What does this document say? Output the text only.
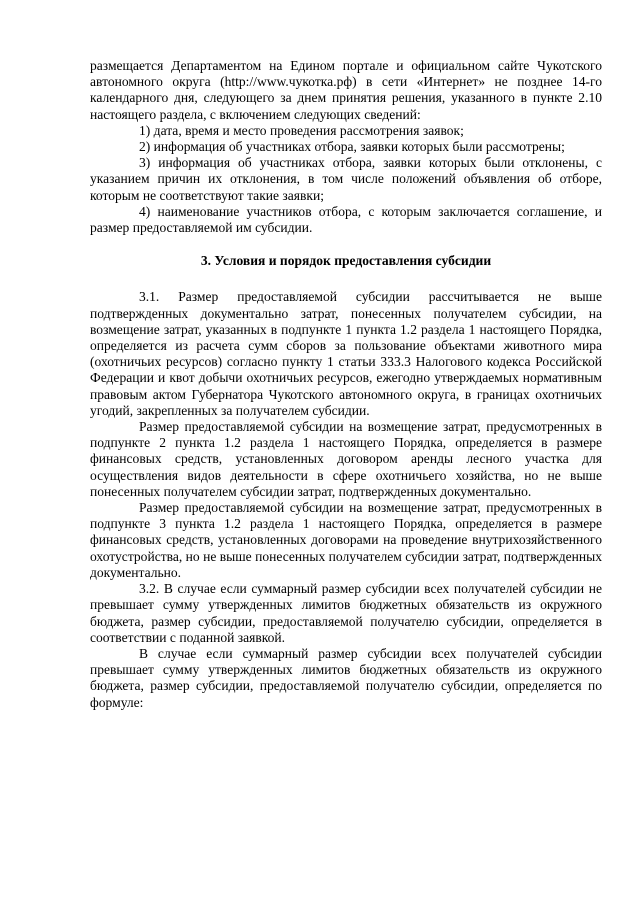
размещается Департаментом на Едином портале и официальном сайте Чукотского автономного округа (http://www.чукотка.рф) в сети «Интернет» не позднее 14-го календарного дня, следующего за днем принятия решения, указанного в пункте 2.10 настоящего раздела, с включением следующих сведений:

1) дата, время и место проведения рассмотрения заявок;

2) информация об участниках отбора, заявки которых были рассмотрены;

3) информация об участниках отбора, заявки которых были отклонены, с указанием причин их отклонения, в том числе положений объявления об отборе, которым не соответствуют такие заявки;

4) наименование участников отбора, с которым заключается соглашение, и размер предоставляемой им субсидии.

3. Условия и порядок предоставления субсидии

3.1. Размер предоставляемой субсидии рассчитывается не выше подтвержденных документально затрат, понесенных получателем субсидии, на возмещение затрат, указанных в подпункте 1 пункта 1.2 раздела 1 настоящего Порядка, определяется из расчета сумм сборов за пользование объектами животного мира (охотничьих ресурсов) согласно пункту 1 статьи 333.3 Налогового кодекса Российской Федерации и квот добычи охотничьих ресурсов, ежегодно утверждаемых нормативным правовым актом Губернатора Чукотского автономного округа, в границах охотничьих угодий, закрепленных за получателем субсидии.

Размер предоставляемой субсидии на возмещение затрат, предусмотренных в подпункте 2 пункта 1.2 раздела 1 настоящего Порядка, определяется в размере финансовых средств, установленных договором аренды лесного участка для осуществления видов деятельности в сфере охотничьего хозяйства, но не выше понесенных получателем субсидии затрат, подтвержденных документально.

Размер предоставляемой субсидии на возмещение затрат, предусмотренных в подпункте 3 пункта 1.2 раздела 1 настоящего Порядка, определяется в размере финансовых средств, установленных договорами на проведение внутрихозяйственного охотустройства, но не выше понесенных получателем субсидии затрат, подтвержденных документально.

3.2. В случае если суммарный размер субсидии всех получателей субсидии не превышает сумму утвержденных лимитов бюджетных обязательств из окружного бюджета, размер субсидии, предоставляемой получателю субсидии, определяется в соответствии с поданной заявкой.

В случае если суммарный размер субсидии всех получателей субсидии превышает сумму утвержденных лимитов бюджетных обязательств из окружного бюджета, размер субсидии, предоставляемой получателю субсидии, определяется по формуле:
